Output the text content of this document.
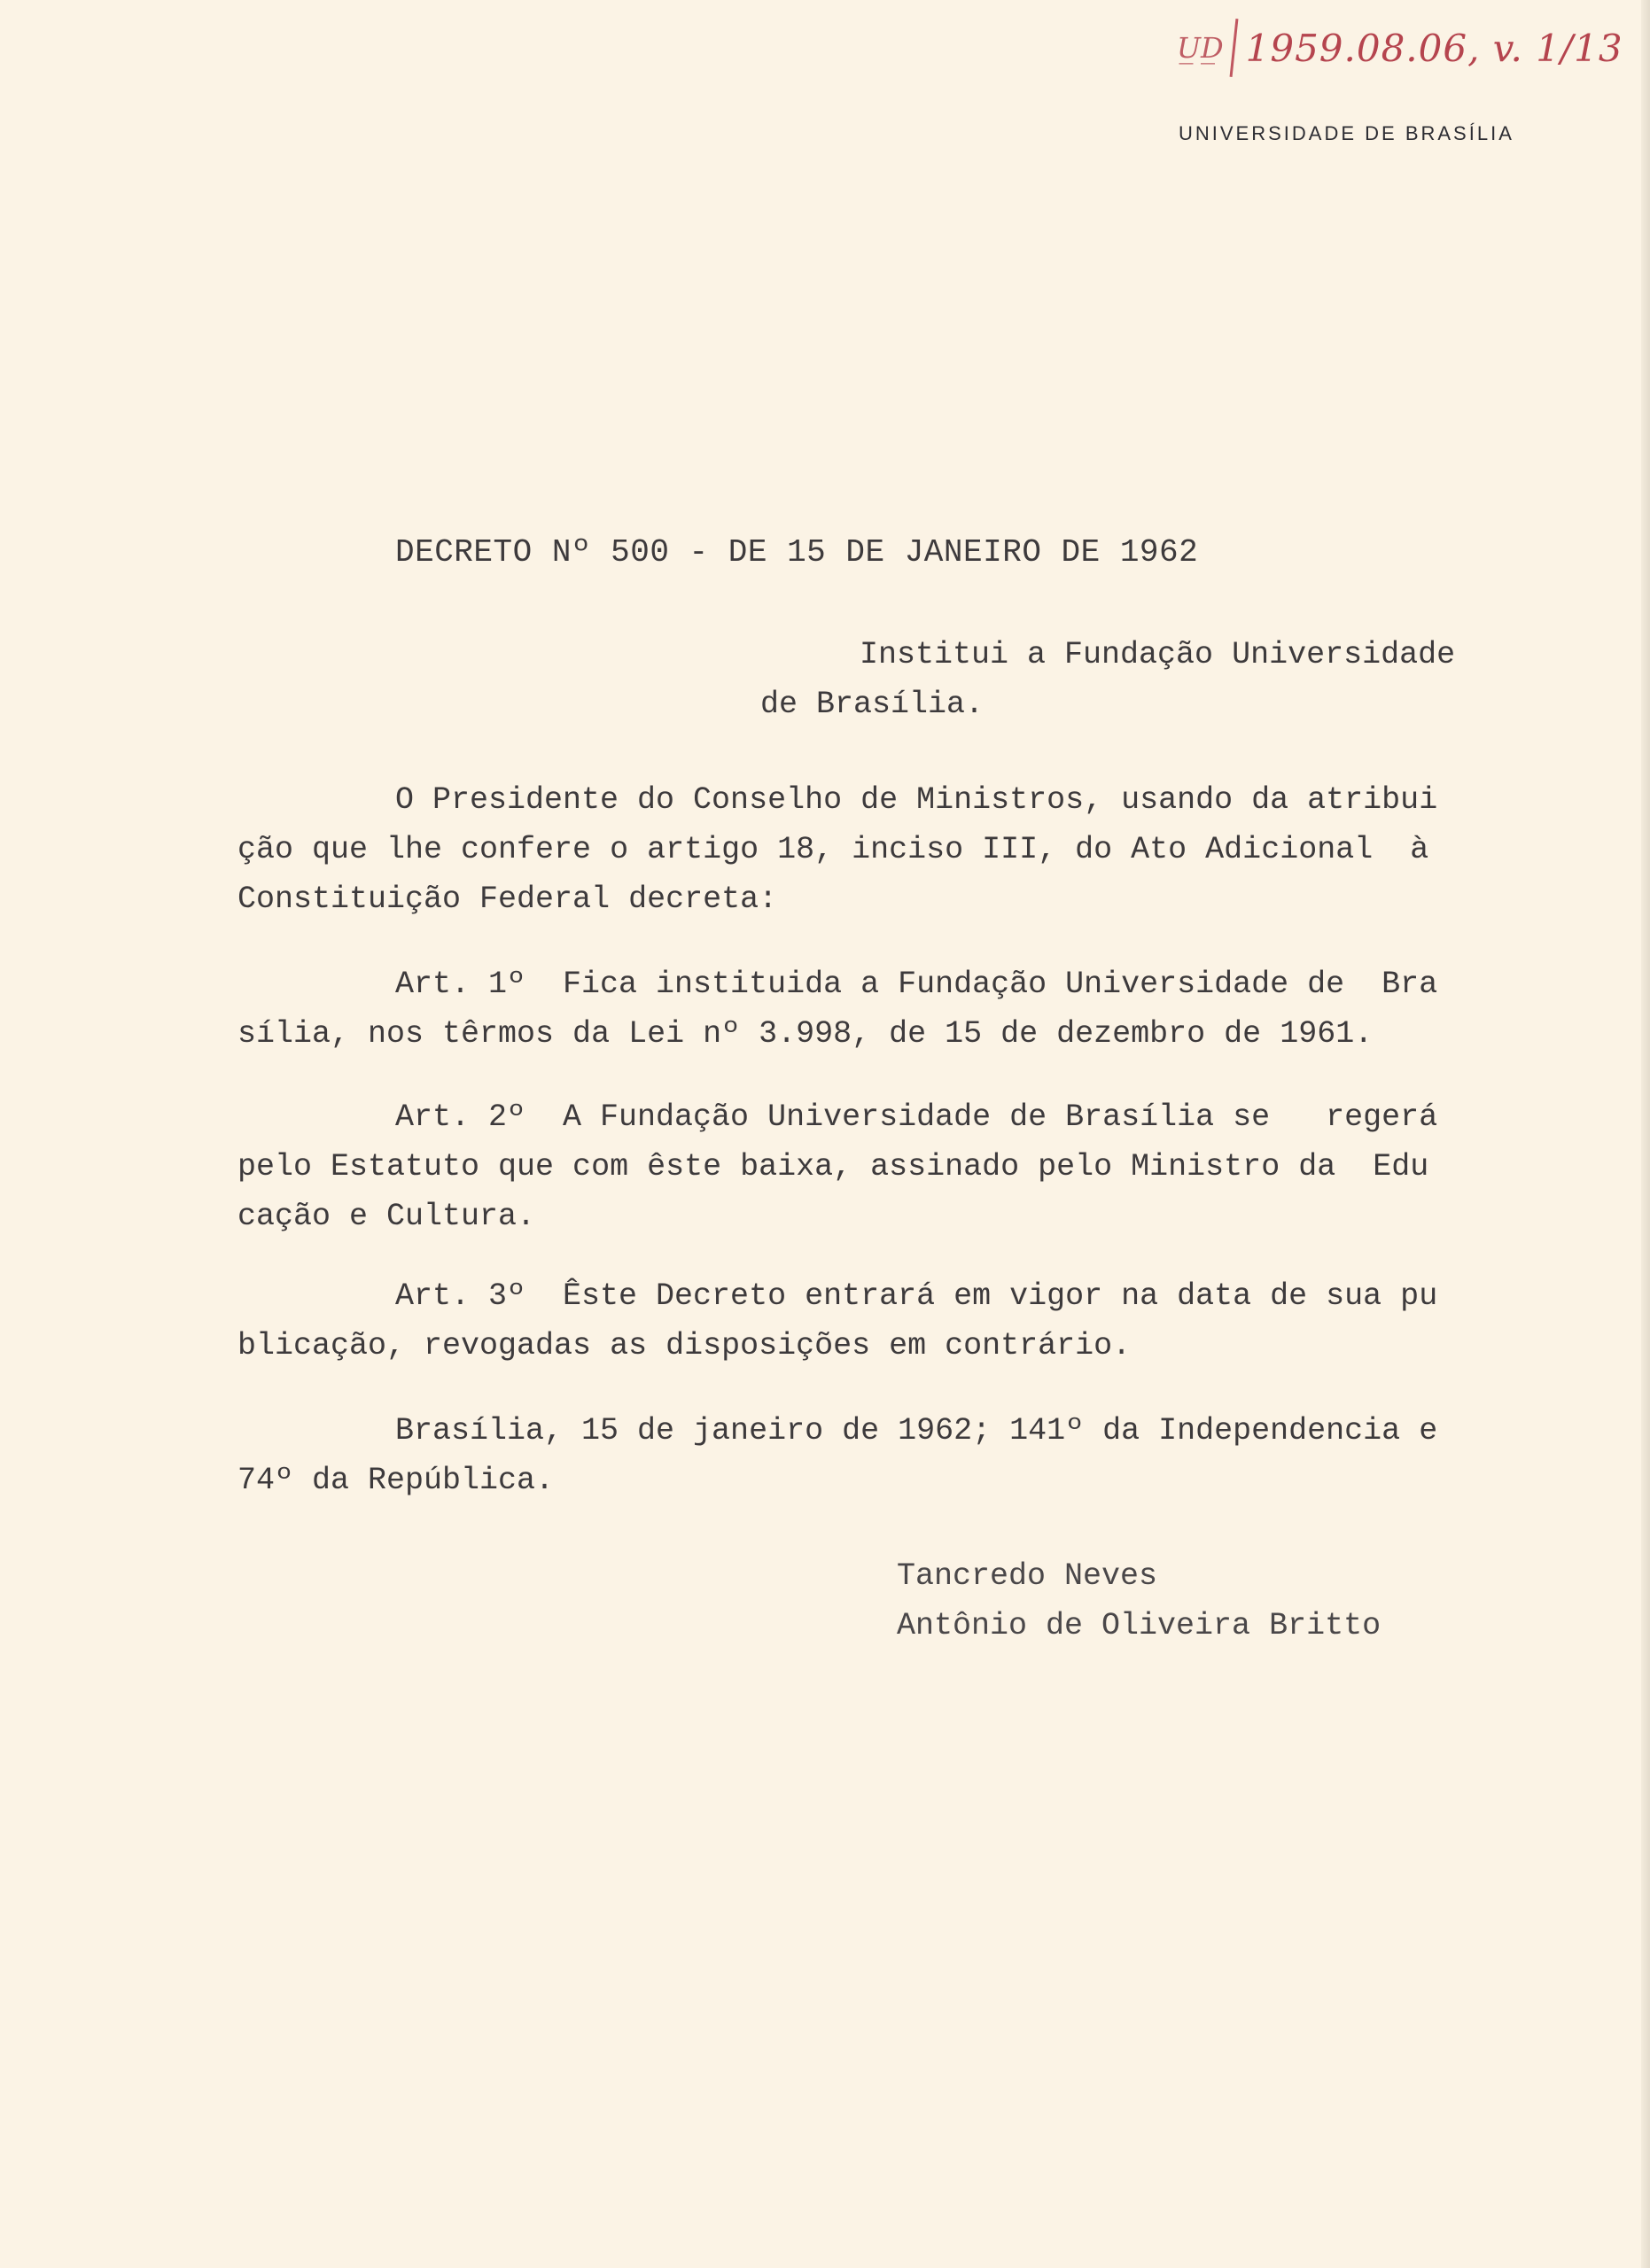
U̲D̲ 1959.08.06, v. 1/13
UNIVERSIDADE DE BRASÍLIA
DECRETO Nº 500 - DE 15 DE JANEIRO DE 1962
Institui a Fundação Universidade
de Brasília.
O Presidente do Conselho de Ministros, usando da atribui
ção que lhe confere o artigo 18, inciso III, do Ato Adicional  à
Constituição Federal decreta:
Art. 1º  Fica instituida a Fundação Universidade de  Bra
sília, nos têrmos da Lei nº 3.998, de 15 de dezembro de 1961.
Art. 2º  A Fundação Universidade de Brasília se   regerá
pelo Estatuto que com êste baixa, assinado pelo Ministro da  Edu
cação e Cultura.
Art. 3º  Êste Decreto entrará em vigor na data de sua pu
blicação, revogadas as disposições em contrário.
Brasília, 15 de janeiro de 1962; 141º da Independencia e
74º da República.
Tancredo Neves
Antônio de Oliveira Britto
